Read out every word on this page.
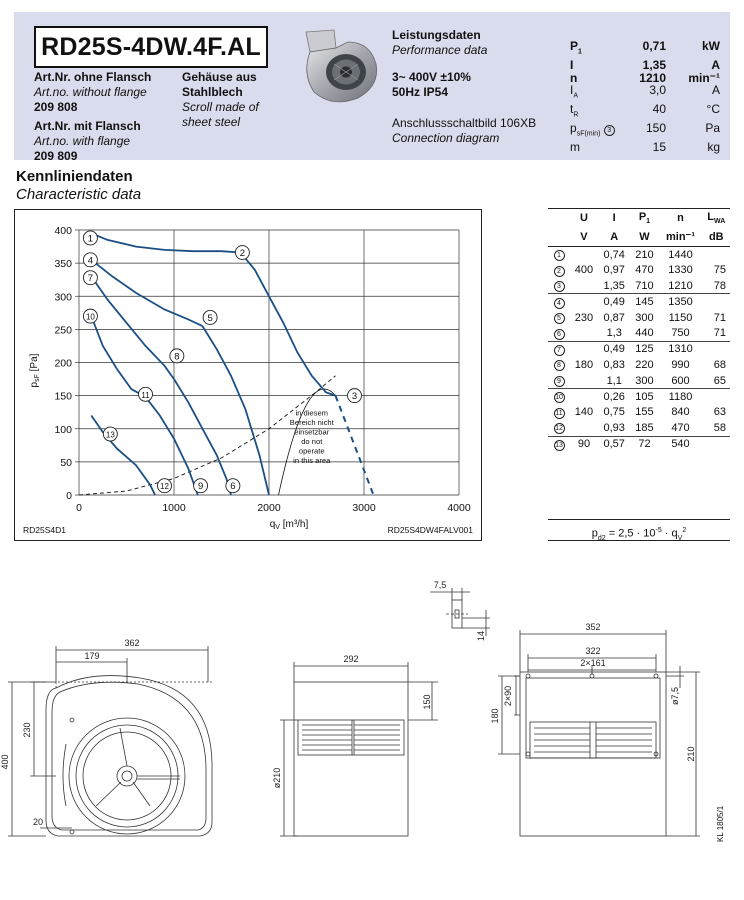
RD25S-4DW.4F.AL
Art.Nr. ohne Flansch
Art.no. without flange
209 808

Art.Nr. mit Flansch
Art.no. with flange
209 809
Gehäuse aus
Stahlblech
Scroll made of
sheet steel
Leistungsdaten
Performance data
3~ 400V ±10%
50Hz IP54
Anschlussschaltbild 106XB
Connection diagram
$P_1$	0,71	kW
I	1,35	A
n	1210	min⁻¹
$I_A$	3,0	A
$t_R$	40	°C
$p_{sF(min)}$ 3	150	Pa
m	15	kg
Kennliniendaten
Characteristic data
0	1000	2000	3000	4000
0
50
100
150
200
250
300
350
400
$q_V$ [m³/h]
$p_{sF}$ [Pa]
1
2
4
7
5
10
8
11
13
12	9	6
3
in diesem Bereich nicht einsetzbar do not operate in this area
RD25S4D1	RD25S4DW4FALV001
	U	I	$P_1$	n	$L_{WA}$
	V	A	W	min⁻¹	dB
1		0,74	210	1440	
2	400	0,97	470	1330	75
3		1,35	710	1210	78
4		0,49	145	1350	
5	230	0,87	300	1150	71
6		1,3	440	750	71
7		0,49	125	1310	
8	180	0,83	220	990	68
9		1,1	300	600	65
10		0,26	105	1180	
11	140	0,75	155	840	63
12		0,93	185	470	58
13	90	0,57	72	540	
$p_{d2} = 2,5 \cdot 10^{-5} \cdot q_V^2$
362
179
230
400
20
292
150
ø210
7,5
14
352
322
2×161
180
2×90	ø7,5
210
KL 1805/1
